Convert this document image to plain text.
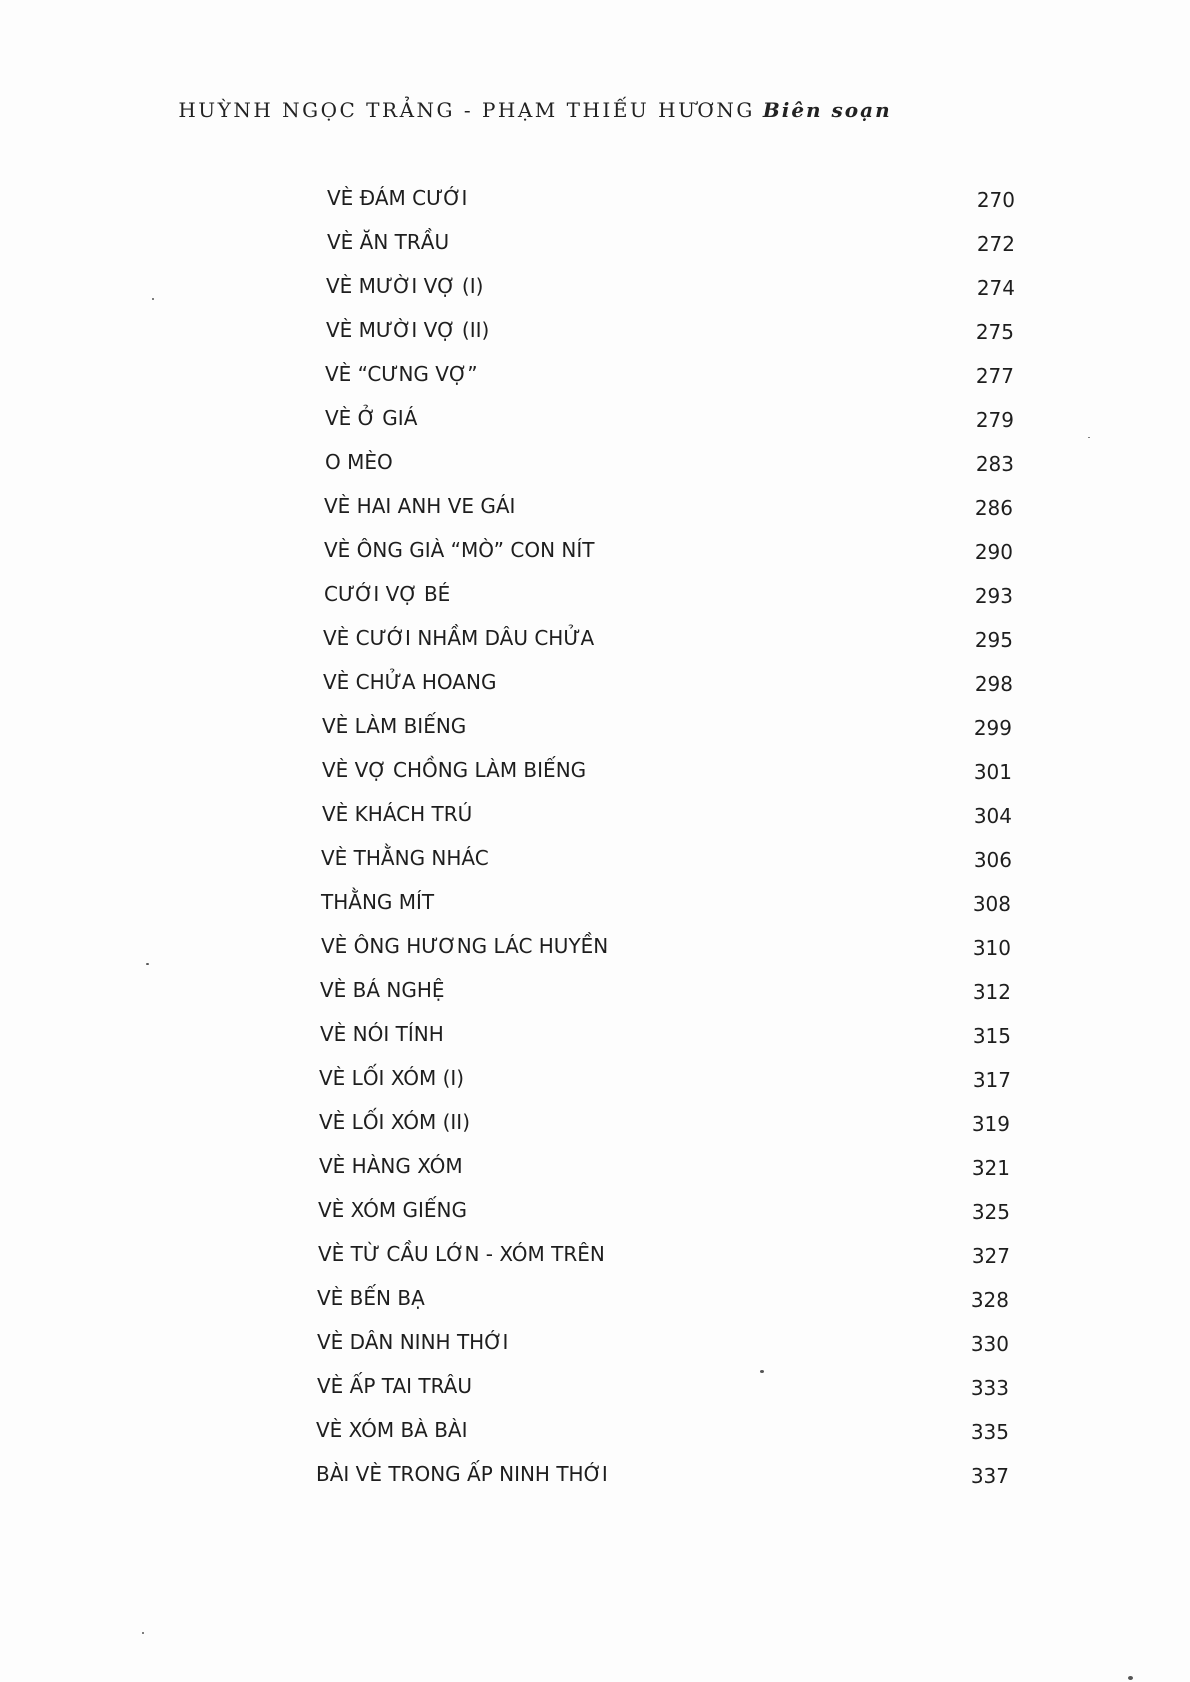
HUỲNH NGỌC TRẢNG - PHẠM THIẾU HƯƠNG Biên soạn
VÈ ĐÁM CƯỚI	270
VÈ ĂN TRẦU	272
VÈ MƯỜI VỢ (I)	274
VÈ MƯỜI VỢ (II)	275
VÈ “CƯNG VỢ”	277
VÈ Ở GIÁ	279
O MÈO	283
VÈ HAI ANH VE GÁI	286
VÈ ÔNG GIÀ “MÒ” CON NÍT	290
CƯỚI VỢ BÉ	293
VÈ CƯỚI NHẦM DÂU CHỬA	295
VÈ CHỬA HOANG	298
VÈ LÀM BIẾNG	299
VÈ VỢ CHỒNG LÀM BIẾNG	301
VÈ KHÁCH TRÚ	304
VÈ THẰNG NHÁC	306
THẰNG MÍT	308
VÈ ÔNG HƯƠNG LÁC HUYỀN	310
VÈ BÁ NGHỆ	312
VÈ NÓI TÍNH	315
VÈ LỐI XÓM (I)	317
VÈ LỐI XÓM (II)	319
VÈ HÀNG XÓM	321
VÈ XÓM GIẾNG	325
VÈ TỪ CẦU LỚN - XÓM TRÊN	327
VÈ BẾN BẠ	328
VÈ DÂN NINH THỚI	330
VÈ ẤP TAI TRÂU	333
VÈ XÓM BÀ BÀI	335
BÀI VÈ TRONG ẤP NINH THỚI	337
